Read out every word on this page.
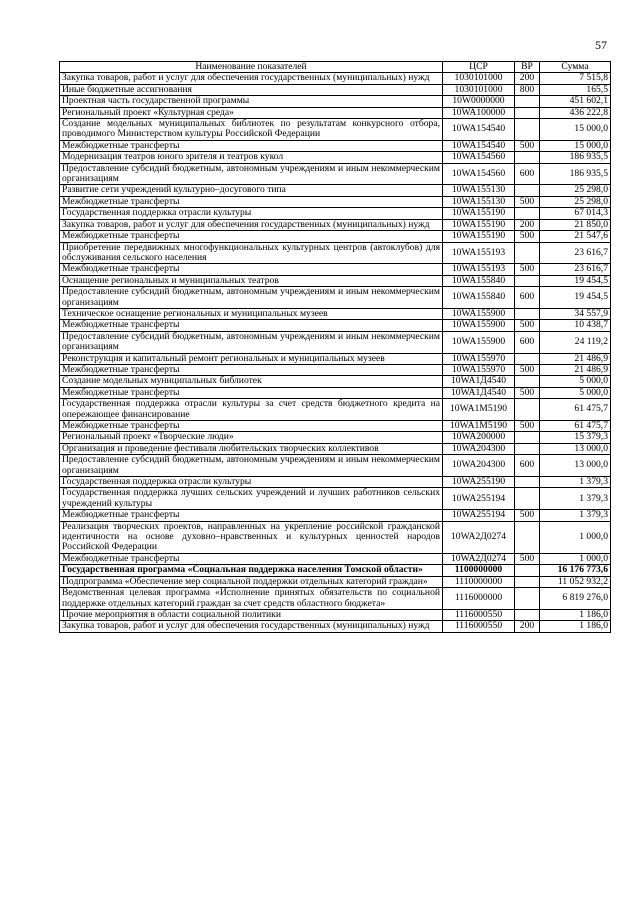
57
Наименование показателей	ЦСР	ВР	Сумма
Закупка товаров, работ и услуг для обеспечения государственных (муниципальных) нужд	1030101000	200	7 515,8
Иные бюджетные ассигнования	1030101000	800	165,5
Проектная часть государственной программы	10W0000000		451 602,1
Региональный проект «Культурная среда»	10WA100000		436 222,8
Создание модельных муниципальных библиотек по результатам конкурсного отбора, проводимого Министерством культуры Российской Федерации	10WA154540		15 000,0
Межбюджетные трансферты	10WA154540	500	15 000,0
Модернизация театров юного зрителя и театров кукол	10WA154560		186 935,5
Предоставление субсидий бюджетным, автономным учреждениям и иным некоммерческим организациям	10WA154560	600	186 935,5
Развитие сети учреждений культурно–досугового типа	10WA155130		25 298,0
Межбюджетные трансферты	10WA155130	500	25 298,0
Государственная поддержка отрасли культуры	10WA155190		67 014,3
Закупка товаров, работ и услуг для обеспечения государственных (муниципальных) нужд	10WA155190	200	21 850,0
Межбюджетные трансферты	10WA155190	500	21 547,6
Приобретение передвижных многофункциональных культурных центров (автоклубов) для обслуживания сельского населения	10WA155193		23 616,7
Межбюджетные трансферты	10WA155193	500	23 616,7
Оснащение региональных и муниципальных театров	10WA155840		19 454,5
Предоставление субсидий бюджетным, автономным учреждениям и иным некоммерческим организациям	10WA155840	600	19 454,5
Техническое оснащение региональных и муниципальных музеев	10WA155900		34 557,9
Межбюджетные трансферты	10WA155900	500	10 438,7
Предоставление субсидий бюджетным, автономным учреждениям и иным некоммерческим организациям	10WA155900	600	24 119,2
Реконструкция и капитальный ремонт региональных и муниципальных музеев	10WA155970		21 486,9
Межбюджетные трансферты	10WA155970	500	21 486,9
Создание модельных муниципальных библиотек	10WA1Д4540		5 000,0
Межбюджетные трансферты	10WA1Д4540	500	5 000,0
Государственная поддержка отрасли культуры за счет средств бюджетного кредита на опережающее финансирование	10WA1M5190		61 475,7
Межбюджетные трансферты	10WA1M5190	500	61 475,7
Региональный проект «Творческие люди»	10WA200000		15 379,3
Организация и проведение фестиваля любительских творческих коллективов	10WA204300		13 000,0
Предоставление субсидий бюджетным, автономным учреждениям и иным некоммерческим организациям	10WA204300	600	13 000,0
Государственная поддержка отрасли культуры	10WA255190		1 379,3
Государственная поддержка лучших сельских учреждений и лучших работников сельских учреждений культуры	10WA255194		1 379,3
Межбюджетные трансферты	10WA255194	500	1 379,3
Реализация творческих проектов, направленных на укрепление российской гражданской идентичности на основе духовно–нравственных и культурных ценностей народов Российской Федерации	10WA2Д0274		1 000,0
Межбюджетные трансферты	10WA2Д0274	500	1 000,0
Государственная программа «Социальная поддержка населения Томской области»	1100000000		16 176 773,6
Подпрограмма «Обеспечение мер социальной поддержки отдельных категорий граждан»	1110000000		11 052 932,2
Ведомственная целевая программа «Исполнение принятых обязательств по социальной поддержке отдельных категорий граждан за счет средств областного бюджета»	1116000000		6 819 276,0
Прочие мероприятия в области социальной политики	1116000550		1 186,0
Закупка товаров, работ и услуг для обеспечения государственных (муниципальных) нужд	1116000550	200	1 186,0
